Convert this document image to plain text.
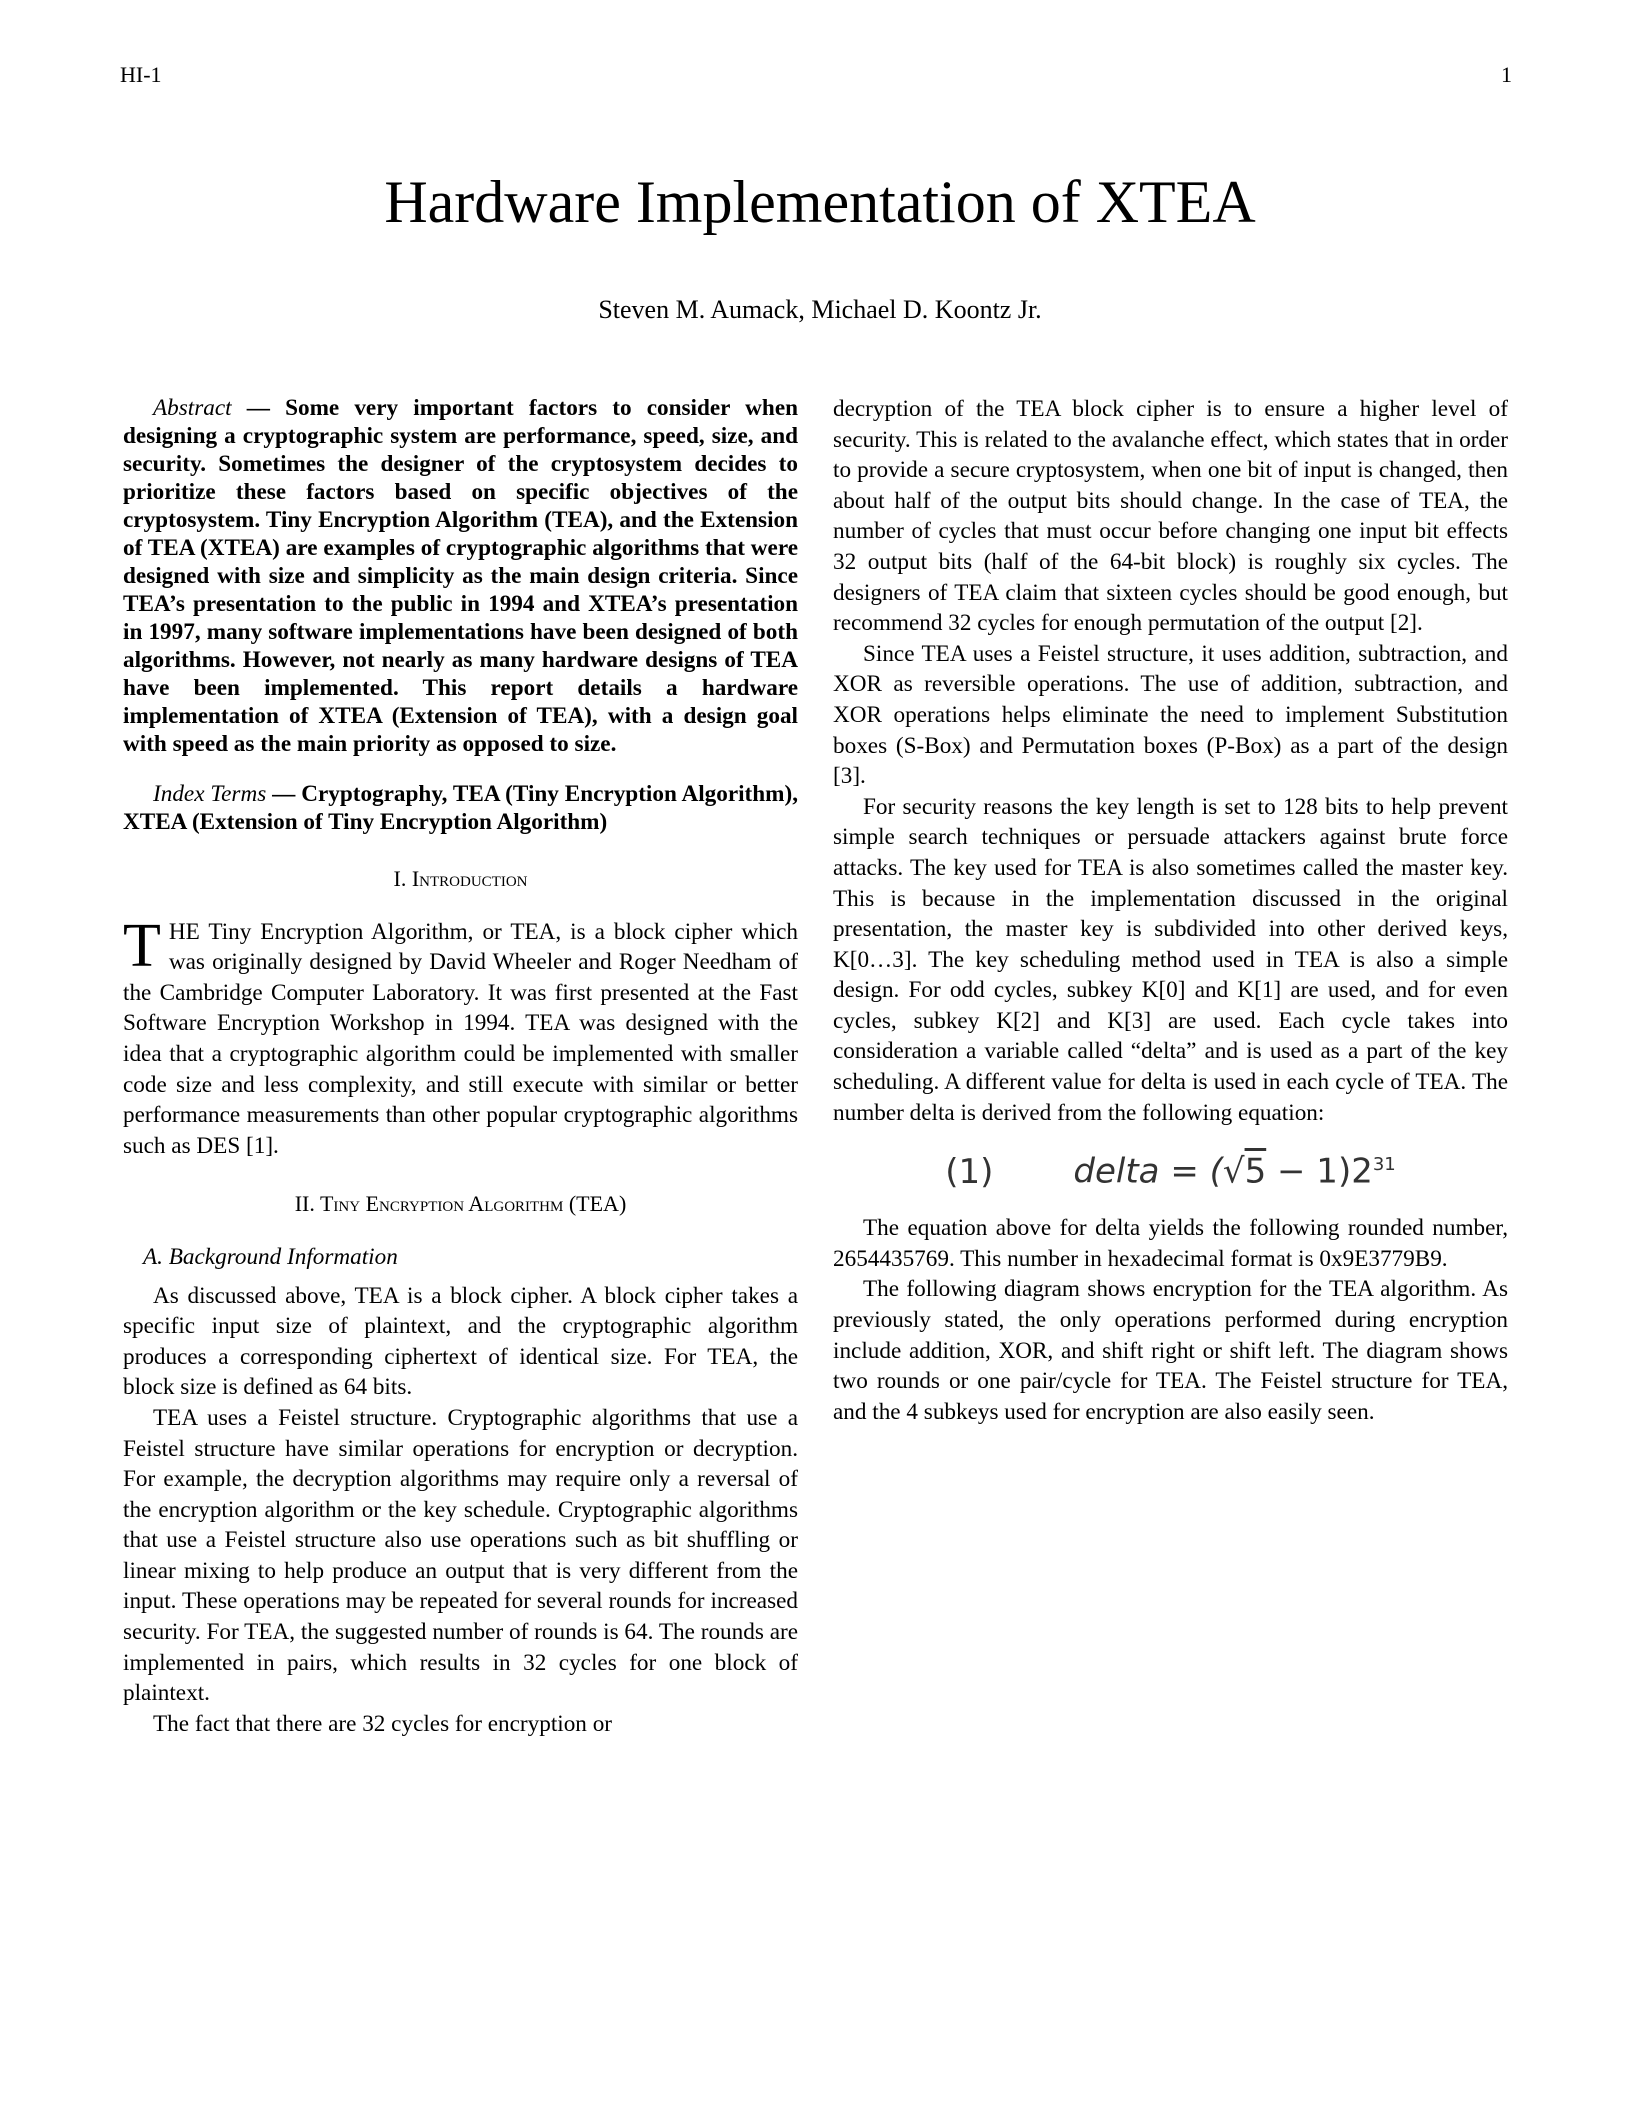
HI-1	1
Hardware Implementation of XTEA
Steven M. Aumack, Michael D. Koontz Jr.

Abstract — Some very important factors to consider when designing a cryptographic system are performance, speed, size, and security. Sometimes the designer of the cryptosystem decides to prioritize these factors based on specific objectives of the cryptosystem. Tiny Encryption Algorithm (TEA), and the Extension of TEA (XTEA) are examples of cryptographic algorithms that were designed with size and simplicity as the main design criteria. Since TEA’s presentation to the public in 1994 and XTEA’s presentation in 1997, many software implementations have been designed of both algorithms. However, not nearly as many hardware designs of TEA have been implemented. This report details a hardware implementation of XTEA (Extension of TEA), with a design goal with speed as the main priority as opposed to size.

Index Terms — Cryptography, TEA (Tiny Encryption Algorithm), XTEA (Extension of Tiny Encryption Algorithm)

I. Introduction

THE Tiny Encryption Algorithm, or TEA, is a block cipher which was originally designed by David Wheeler and Roger Needham of the Cambridge Computer Laboratory. It was first presented at the Fast Software Encryption Workshop in 1994. TEA was designed with the idea that a cryptographic algorithm could be implemented with smaller code size and less complexity, and still execute with similar or better performance measurements than other popular cryptographic algorithms such as DES [1].

II. Tiny Encryption Algorithm (TEA)
A. Background Information

As discussed above, TEA is a block cipher. A block cipher takes a specific input size of plaintext, and the cryptographic algorithm produces a corresponding ciphertext of identical size. For TEA, the block size is defined as 64 bits.

TEA uses a Feistel structure. Cryptographic algorithms that use a Feistel structure have similar operations for encryption or decryption. For example, the decryption algorithms may require only a reversal of the encryption algorithm or the key schedule. Cryptographic algorithms that use a Feistel structure also use operations such as bit shuffling or linear mixing to help produce an output that is very different from the input. These operations may be repeated for several rounds for increased security. For TEA, the suggested number of rounds is 64. The rounds are implemented in pairs, which results in 32 cycles for one block of plaintext.

The fact that there are 32 cycles for encryption or

decryption of the TEA block cipher is to ensure a higher level of security. This is related to the avalanche effect, which states that in order to provide a secure cryptosystem, when one bit of input is changed, then about half of the output bits should change. In the case of TEA, the number of cycles that must occur before changing one input bit effects 32 output bits (half of the 64-bit block) is roughly six cycles. The designers of TEA claim that sixteen cycles should be good enough, but recommend 32 cycles for enough permutation of the output [2].

Since TEA uses a Feistel structure, it uses addition, subtraction, and XOR as reversible operations. The use of addition, subtraction, and XOR operations helps eliminate the need to implement Substitution boxes (S-Box) and Permutation boxes (P-Box) as a part of the design [3].

For security reasons the key length is set to 128 bits to help prevent simple search techniques or persuade attackers against brute force attacks. The key used for TEA is also sometimes called the master key. This is because in the implementation discussed in the original presentation, the master key is subdivided into other derived keys, K[0…3]. The key scheduling method used in TEA is also a simple design. For odd cycles, subkey K[0] and K[1] are used, and for even cycles, subkey K[2] and K[3] are used. Each cycle takes into consideration a variable called “delta” and is used as a part of the key scheduling. A different value for delta is used in each cycle of TEA. The number delta is derived from the following equation:

(1) delta = $(√5 - 1)2^{31}$

The equation above for delta yields the following rounded number, 2654435769. This number in hexadecimal format is 0x9E3779B9.

The following diagram shows encryption for the TEA algorithm. As previously stated, the only operations performed during encryption include addition, XOR, and shift right or shift left. The diagram shows two rounds or one pair/cycle for TEA. The Feistel structure for TEA, and the 4 subkeys used for encryption are also easily seen.
